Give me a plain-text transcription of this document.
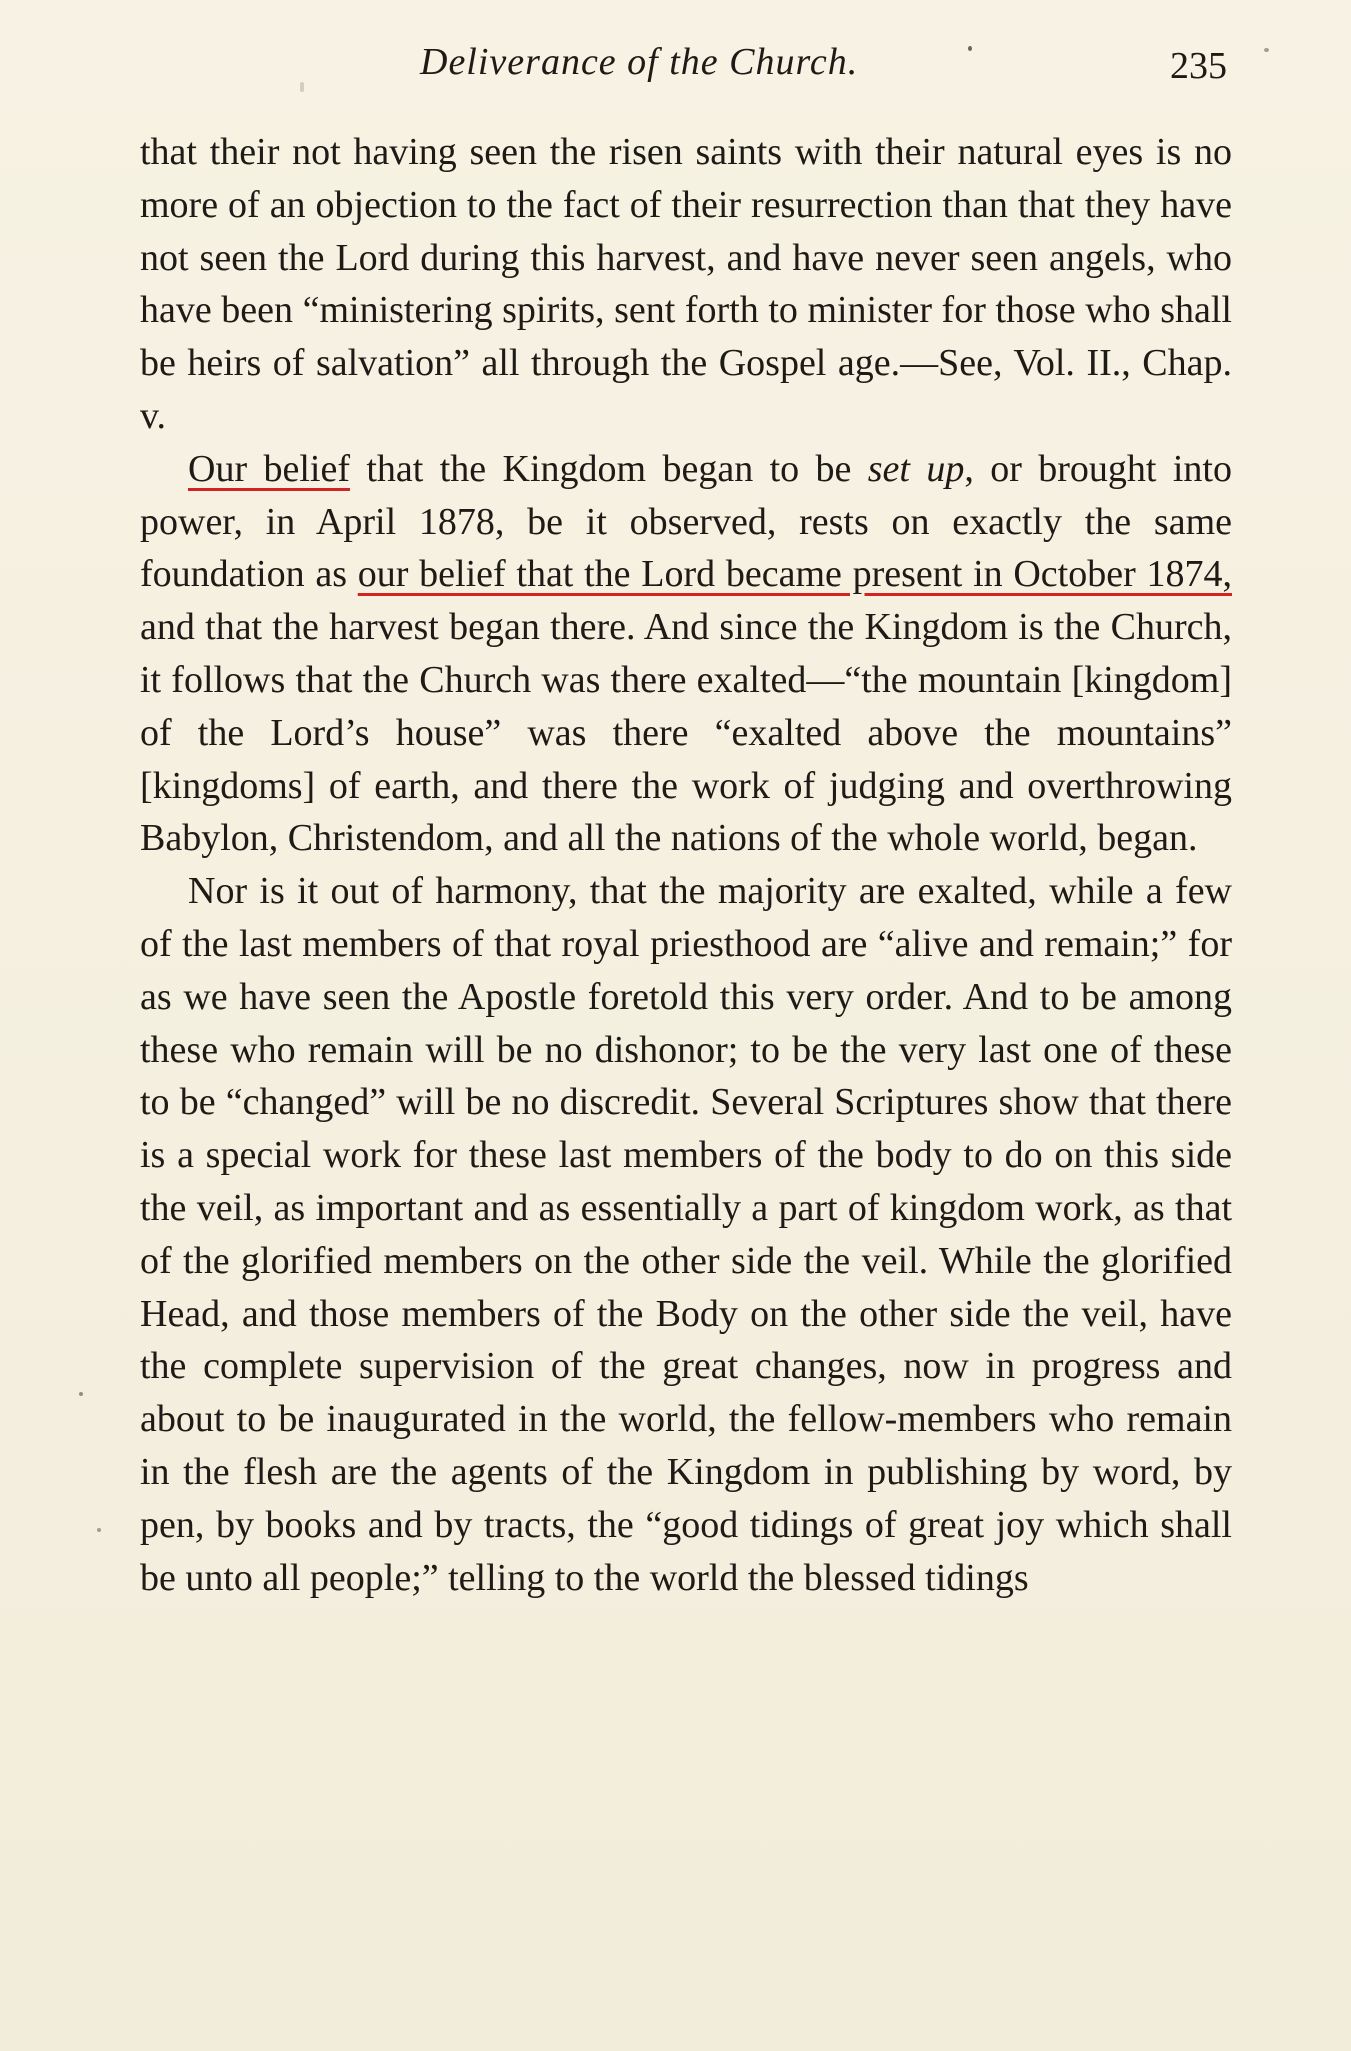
Deliverance of the Church.	235

that their not having seen the risen saints with their natural eyes is no more of an objection to the fact of their resurrection than that they have not seen the Lord during this harvest, and have never seen angels, who have been “ministering spirits, sent forth to minister for those who shall be heirs of salvation” all through the Gospel age.—See, Vol. II., Chap. v.

Our belief that the Kingdom began to be set up, or brought into power, in April 1878, be it observed, rests on exactly the same foundation as our belief that the Lord became present in October 1874, and that the harvest began there. And since the Kingdom is the Church, it follows that the Church was there exalted—“the mountain [kingdom] of the Lord’s house” was there “exalted above the mountains” [kingdoms] of earth, and there the work of judging and overthrowing Babylon, Christendom, and all the nations of the whole world, began.

Nor is it out of harmony, that the majority are exalted, while a few of the last members of that royal priesthood are “alive and remain;” for as we have seen the Apostle foretold this very order. And to be among these who remain will be no dishonor; to be the very last one of these to be “changed” will be no discredit. Several Scriptures show that there is a special work for these last members of the body to do on this side the veil, as important and as essentially a part of kingdom work, as that of the glorified members on the other side the veil. While the glorified Head, and those members of the Body on the other side the veil, have the complete supervision of the great changes, now in progress and about to be inaugurated in the world, the fellow-members who remain in the flesh are the agents of the Kingdom in publishing by word, by pen, by books and by tracts, the “good tidings of great joy which shall be unto all people;” telling to the world the blessed tidings
